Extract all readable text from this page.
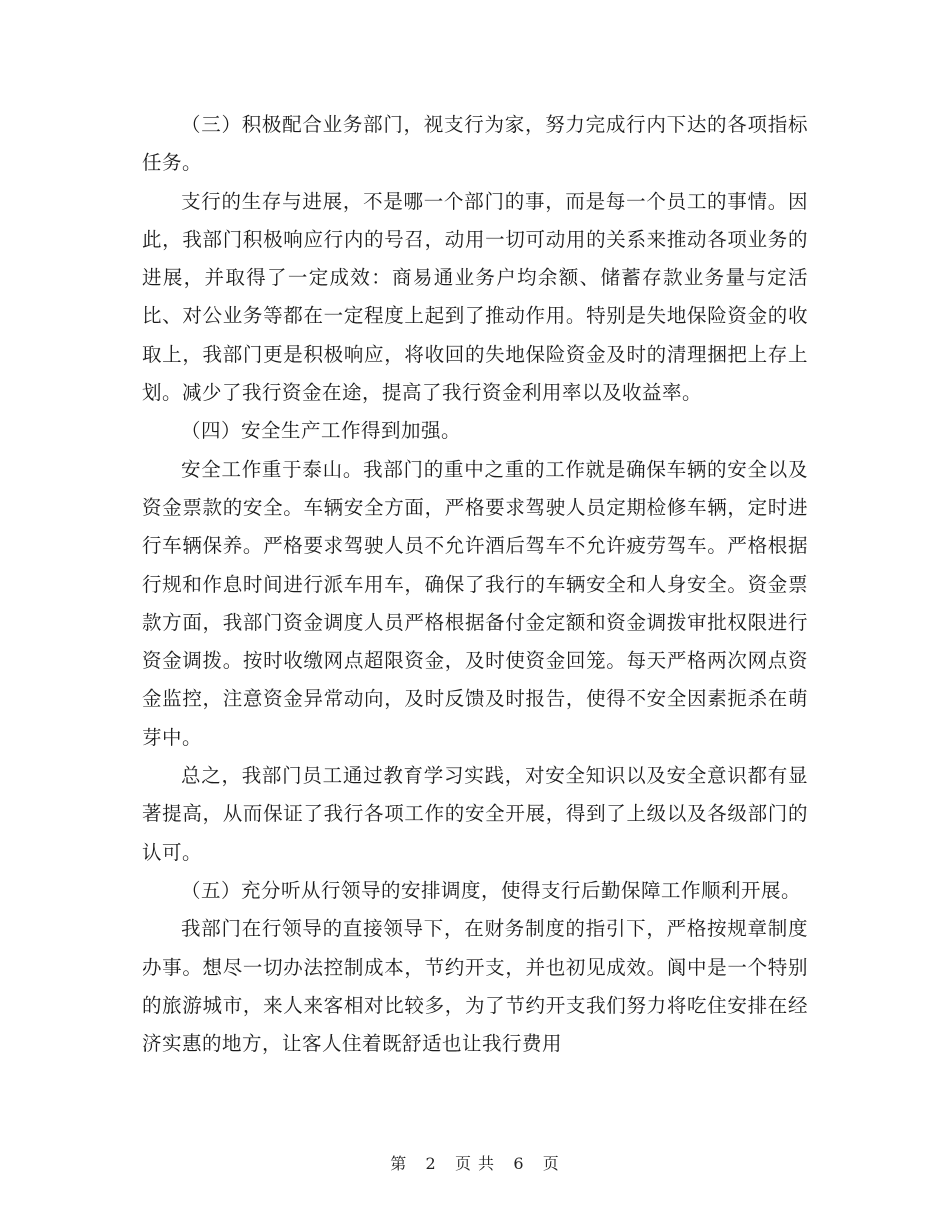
（三）积极配合业务部门，视支行为家，努力完成行内下达的各项指标任务。

支行的生存与进展，不是哪一个部门的事，而是每一个员工的事情。因此，我部门积极响应行内的号召，动用一切可动用的关系来推动各项业务的进展，并取得了一定成效：商易通业务户均余额、储蓄存款业务量与定活比、对公业务等都在一定程度上起到了推动作用。特别是失地保险资金的收取上，我部门更是积极响应，将收回的失地保险资金及时的清理捆把上存上划。减少了我行资金在途，提高了我行资金利用率以及收益率。

（四）安全生产工作得到加强。

安全工作重于泰山。我部门的重中之重的工作就是确保车辆的安全以及资金票款的安全。车辆安全方面，严格要求驾驶人员定期检修车辆，定时进行车辆保养。严格要求驾驶人员不允许酒后驾车不允许疲劳驾车。严格根据行规和作息时间进行派车用车，确保了我行的车辆安全和人身安全。资金票款方面，我部门资金调度人员严格根据备付金定额和资金调拨审批权限进行资金调拨。按时收缴网点超限资金，及时使资金回笼。每天严格两次网点资金监控，注意资金异常动向，及时反馈及时报告，使得不安全因素扼杀在萌芽中。

总之，我部门员工通过教育学习实践，对安全知识以及安全意识都有显著提高，从而保证了我行各项工作的安全开展，得到了上级以及各级部门的认可。

（五）充分听从行领导的安排调度，使得支行后勤保障工作顺利开展。

我部门在行领导的直接领导下，在财务制度的指引下，严格按规章制度办事。想尽一切办法控制成本，节约开支，并也初见成效。阆中是一个特别的旅游城市，来人来客相对比较多，为了节约开支我们努力将吃住安排在经济实惠的地方，让客人住着既舒适也让我行费用

第 2 页 共 6 页
